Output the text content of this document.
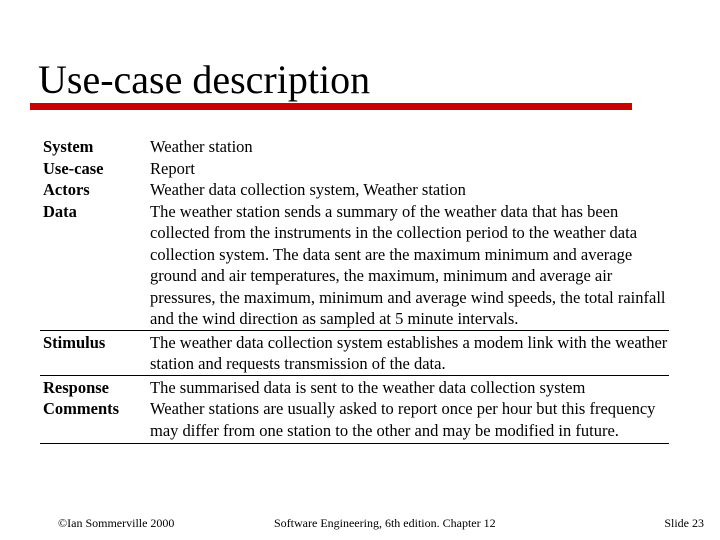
Use-case description
System	Weather station
Use-case	Report
Actors	Weather data collection system, Weather station
Data	The weather station sends a summary of the weather data that has been collected from the instruments in the collection period to the weather data collection system. The data sent are the maximum minimum and average ground and air temperatures, the maximum, minimum and average air pressures, the maximum, minimum and average wind speeds, the total rainfall and the wind direction as sampled at 5 minute intervals.
Stimulus	The weather data collection system establishes a modem link with the weather station and requests transmission of the data.
Response	The summarised data is sent to the weather data collection system
Comments	Weather stations are usually asked to report once per hour but this frequency may differ from one station to the other and may be modified in future.
©Ian Sommerville 2000	Software Engineering, 6th edition. Chapter 12	Slide 23
